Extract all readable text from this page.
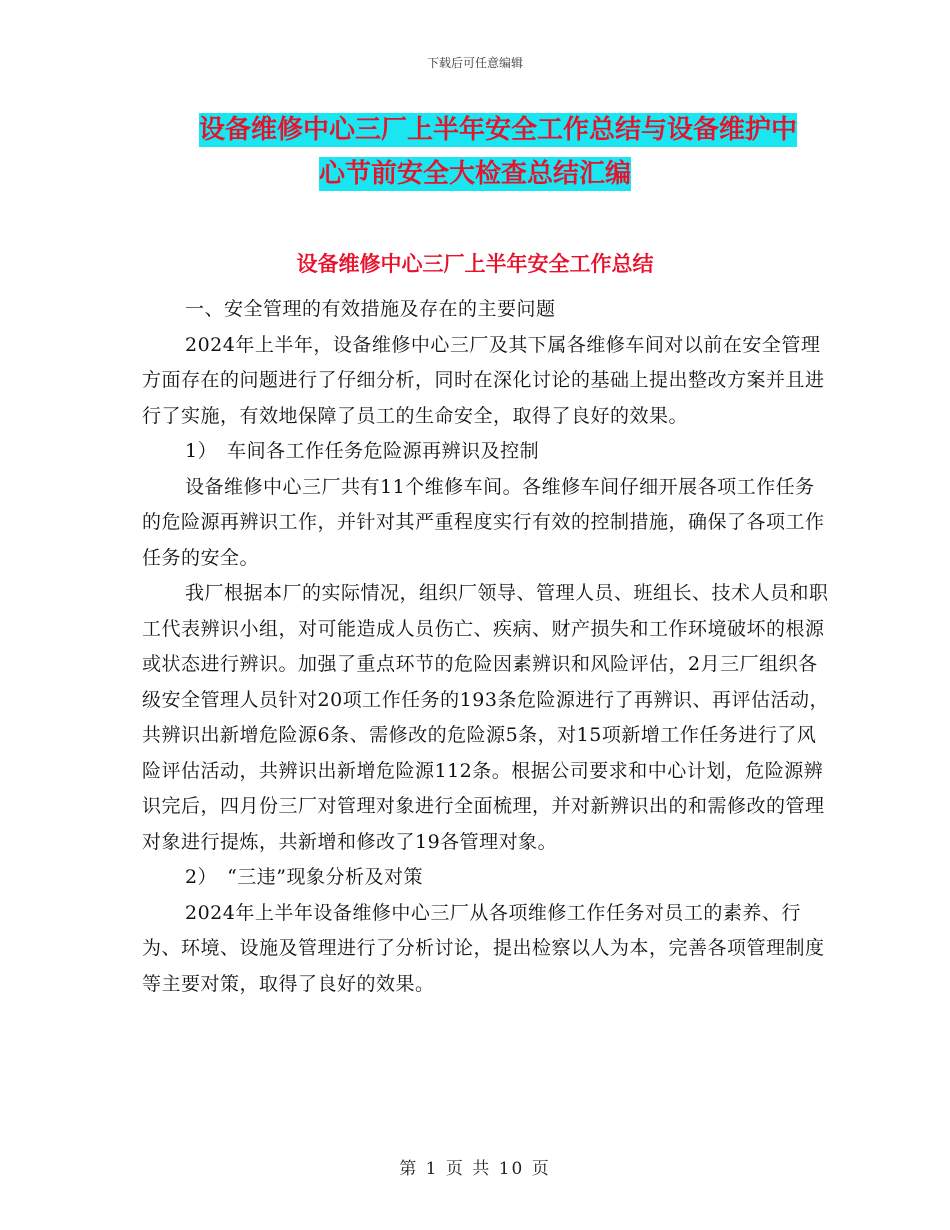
下载后可任意编辑
设备维修中心三厂上半年安全工作总结与设备维护中
心节前安全大检查总结汇编
设备维修中心三厂上半年安全工作总结

一、安全管理的有效措施及存在的主要问题

2024年上半年，设备维修中心三厂及其下属各维修车间对以前在安全管理方面存在的问题进行了仔细分析，同时在深化讨论的基础上提出整改方案并且进行了实施，有效地保障了员工的生命安全，取得了良好的效果。

1）　车间各工作任务危险源再辨识及控制

设备维修中心三厂共有11个维修车间。各维修车间仔细开展各项工作任务的危险源再辨识工作，并针对其严重程度实行有效的控制措施，确保了各项工作任务的安全。

我厂根据本厂的实际情况，组织厂领导、管理人员、班组长、技术人员和职工代表辨识小组，对可能造成人员伤亡、疾病、财产损失和工作环境破坏的根源或状态进行辨识。加强了重点环节的危险因素辨识和风险评估，2月三厂组织各级安全管理人员针对20项工作任务的193条危险源进行了再辨识、再评估活动，共辨识出新增危险源6条、需修改的危险源5条，对15项新增工作任务进行了风险评估活动，共辨识出新增危险源112条。根据公司要求和中心计划，危险源辨识完后，四月份三厂对管理对象进行全面梳理，并对新辨识出的和需修改的管理对象进行提炼，共新增和修改了19各管理对象。

2）　“三违”现象分析及对策

2024年上半年设备维修中心三厂从各项维修工作任务对员工的素养、行为、环境、设施及管理进行了分析讨论，提出检察以人为本，完善各项管理制度等主要对策，取得了良好的效果。

第 1 页 共 10 页
